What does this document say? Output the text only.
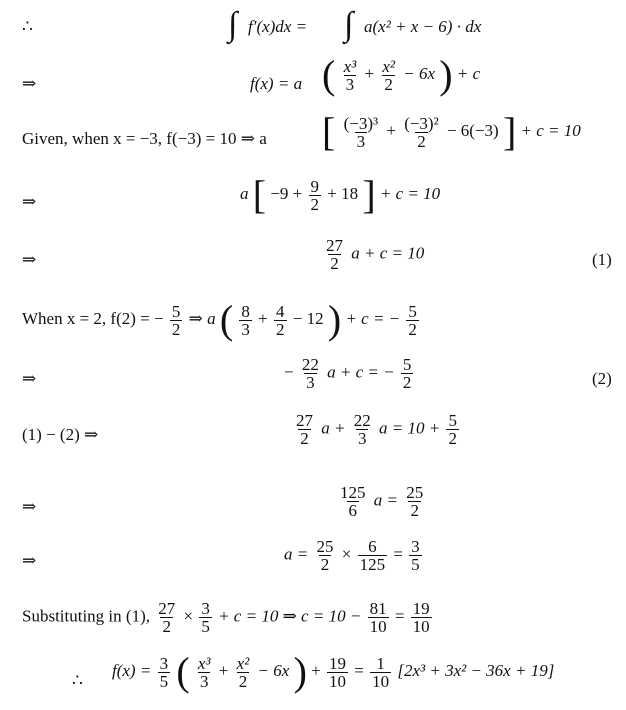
∴	∫ f′(x)dx = ∫ a(x² + x − 6) · dx
⇒	f(x) = a ( $\frac{\text{x³}}{3} + \frac{\text{x²}}{2} - 6x$ ) + c
Given, when x = −3, f(−3) = 10 ⇒ a [ $\frac{\text{(−3)³}}{3} + \frac{\text{(−3)²}}{2} - 6(-3)$ ] + c = 10
⇒	a [ $-9 + \frac{9}{2} + 18$ ] + c = 10
⇒	$\frac{27}{2}$ a + c = 10	(1)
When x = 2, f(2) = − $\frac{5}{2}$ ⇒ a ( $\frac{8}{3} + \frac{4}{2} - 12$ ) + c = − $\frac{5}{2}$
⇒	− $\frac{22}{3}$ a + c = − $\frac{5}{2}$	(2)
(1) − (2) ⇒	$\frac{27}{2}$ $a + \frac{22}{3}$ $a = 10 + \frac{5}{2}$
⇒	$\frac{125}{6}$ $a = \frac{25}{2}$
⇒	$a = \frac{25}{2} \times \frac{6}{125} = \frac{3}{5}$
Substituting in (1), $\frac{27}{2} \times \frac{3}{5} + c = 10$ ⇒ $c = 10 - \frac{81}{10} = \frac{19}{10}$
∴
$f(x) = \frac{3}{5}$ ( $\frac{\text{x³}}{3} + \frac{\text{x²}}{2} - 6x$ ) + $\frac{19}{10} = \frac{1}{10} [2x^3 + 3x^2 - 36x + 19]$
